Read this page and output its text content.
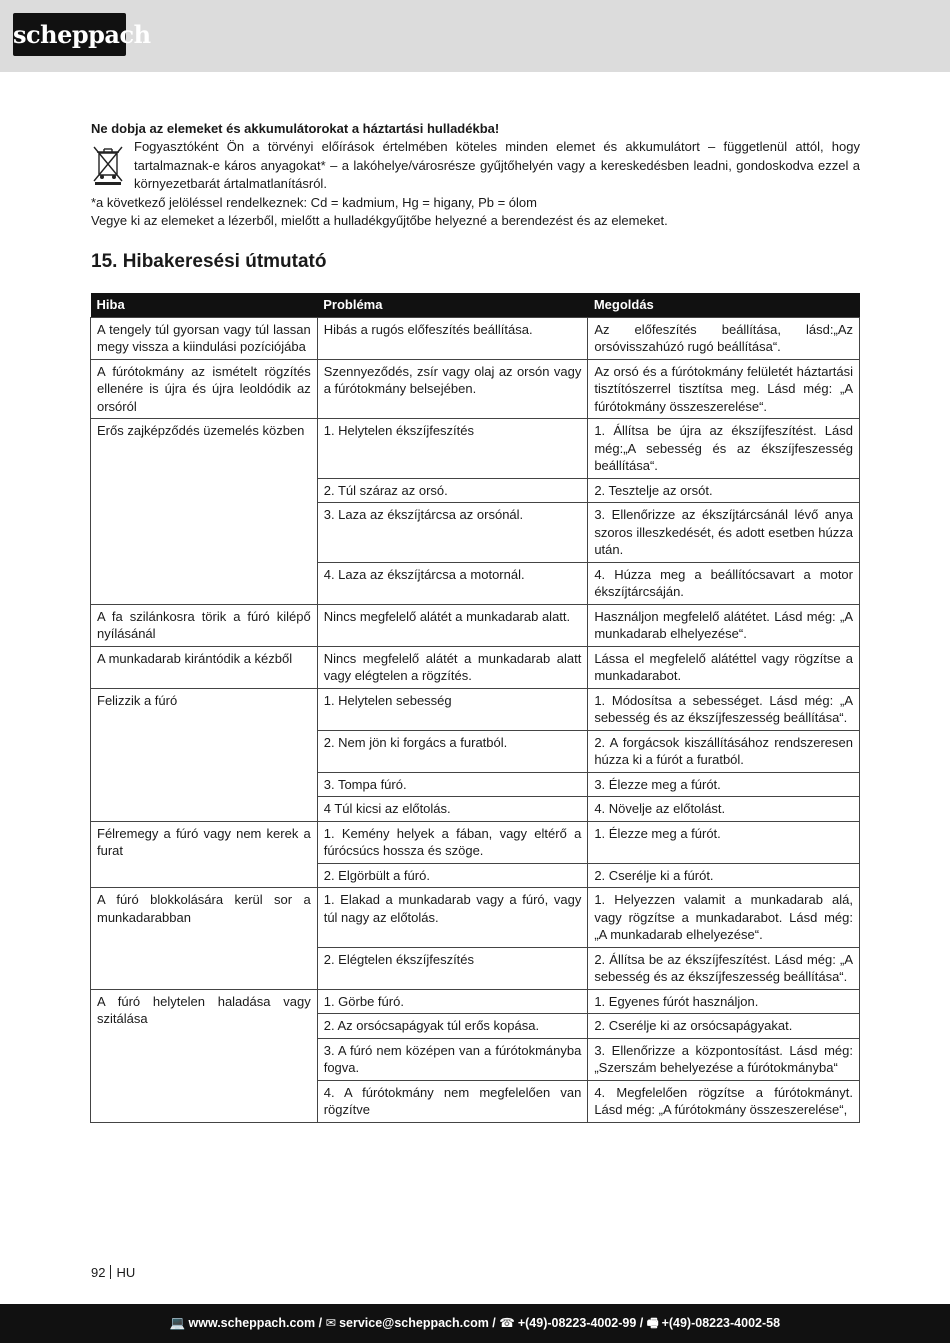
scheppach
Ne dobja az elemeket és akkumulátorokat a háztartási hulladékba!
Fogyasztóként Ön a törvényi előírások értelmében köteles minden elemet és akkumulátort – függetlenül attól, hogy tartalmaznak-e káros anyagokat* – a lakóhelye/városrésze gyűjtőhelyén vagy a kereskedésben leadni, gondoskodva ezzel a környezetbarát ártalmatlanításról.
*a következő jelöléssel rendelkeznek: Cd = kadmium, Hg = higany, Pb = ólom
Vegye ki az elemeket a lézerből, mielőtt a hulladékgyűjtőbe helyezné a berendezést és az elemeket.
15. Hibakeresési útmutató
Hiba	Probléma	Megoldás
A tengely túl gyorsan vagy túl lassan megy vissza a kiindulási pozíciójába	Hibás a rugós előfeszítés beállítása.	Az előfeszítés beállítása, lásd:„Az orsóvisszahúzó rugó beállítása“.
A fúrótokmány az ismételt rögzítés ellenére is újra és újra leoldódik az orsóról	Szennyeződés, zsír vagy olaj az orsón vagy a fúrótokmány belsejében.	Az orsó és a fúrótokmány felületét háztartási tisztítószerrel tisztítsa meg. Lásd még: „A fúrótokmány összeszerelése“.
Erős zajképződés üzemelés közben	1. Helytelen ékszíjfeszítés	1. Állítsa be újra az ékszíjfeszítést. Lásd még:„A sebesség és az ékszíjfeszesség beállítása“.
	2. Túl száraz az orsó.	2. Tesztelje az orsót.
	3. Laza az ékszíjtárcsa az orsónál.	3. Ellenőrizze az ékszíjtárcsánál lévő anya szoros illeszkedését, és adott esetben húzza után.
	4. Laza az ékszíjtárcsa a motornál.	4. Húzza meg a beállítócsavart a motor ékszíjtárcsáján.
A fa szilánkosra törik a fúró kilépő nyílásánál	Nincs megfelelő alátét a munkadarab alatt.	Használjon megfelelő alátétet. Lásd még: „A munkadarab elhelyezése“.
A munkadarab kirántódik a kézből	Nincs megfelelő alátét a munkadarab alatt vagy elégtelen a rögzítés.	Lássa el megfelelő alátéttel vagy rögzítse a munkadarabot.
Felizzik a fúró	1. Helytelen sebesség	1. Módosítsa a sebességet. Lásd még: „A sebesség és az ékszíjfeszesség beállítása“.
	2. Nem jön ki forgács a furatból.	2. A forgácsok kiszállításához rendszeresen húzza ki a fúrót a furatból.
	3. Tompa fúró.	3. Élezze meg a fúrót.
	4 Túl kicsi az előtolás.	4. Növelje az előtolást.
Félremegy a fúró vagy nem kerek a furat	1. Kemény helyek a fában, vagy eltérő a fúrócsúcs hossza és szöge.	1. Élezze meg a fúrót.
	2. Elgörbült a fúró.	2. Cserélje ki a fúrót.
A fúró blokkolására kerül sor a munkadarabban	1. Elakad a munkadarab vagy a fúró, vagy túl nagy az előtolás.	1. Helyezzen valamit a munkadarab alá, vagy rögzítse a munkadarabot. Lásd még: „A munkadarab elhelyezése“.
	2. Elégtelen ékszíjfeszítés	2. Állítsa be az ékszíjfeszítést. Lásd még: „A sebesség és az ékszíjfeszesség beállítása“.
A fúró helytelen haladása vagy szitálása	1. Görbe fúró.	1. Egyenes fúrót használjon.
	2. Az orsócsapágyak túl erős kopása.	2. Cserélje ki az orsócsapágyakat.
	3. A fúró nem középen van a fúrótokmányba fogva.	3. Ellenőrizze a központosítást. Lásd még: „Szerszám behelyezése a fúrótokmányba“
	4. A fúrótokmány nem megfelelően van rögzítve	4. Megfelelően rögzítse a fúrótokmányt. Lásd még: „A fúrótokmány összeszerelése“,
92 HU
💻 www.scheppach.com / ✉ service@scheppach.com / ☎ +(49)-08223-4002-99 / 🖷 +(49)-08223-4002-58
